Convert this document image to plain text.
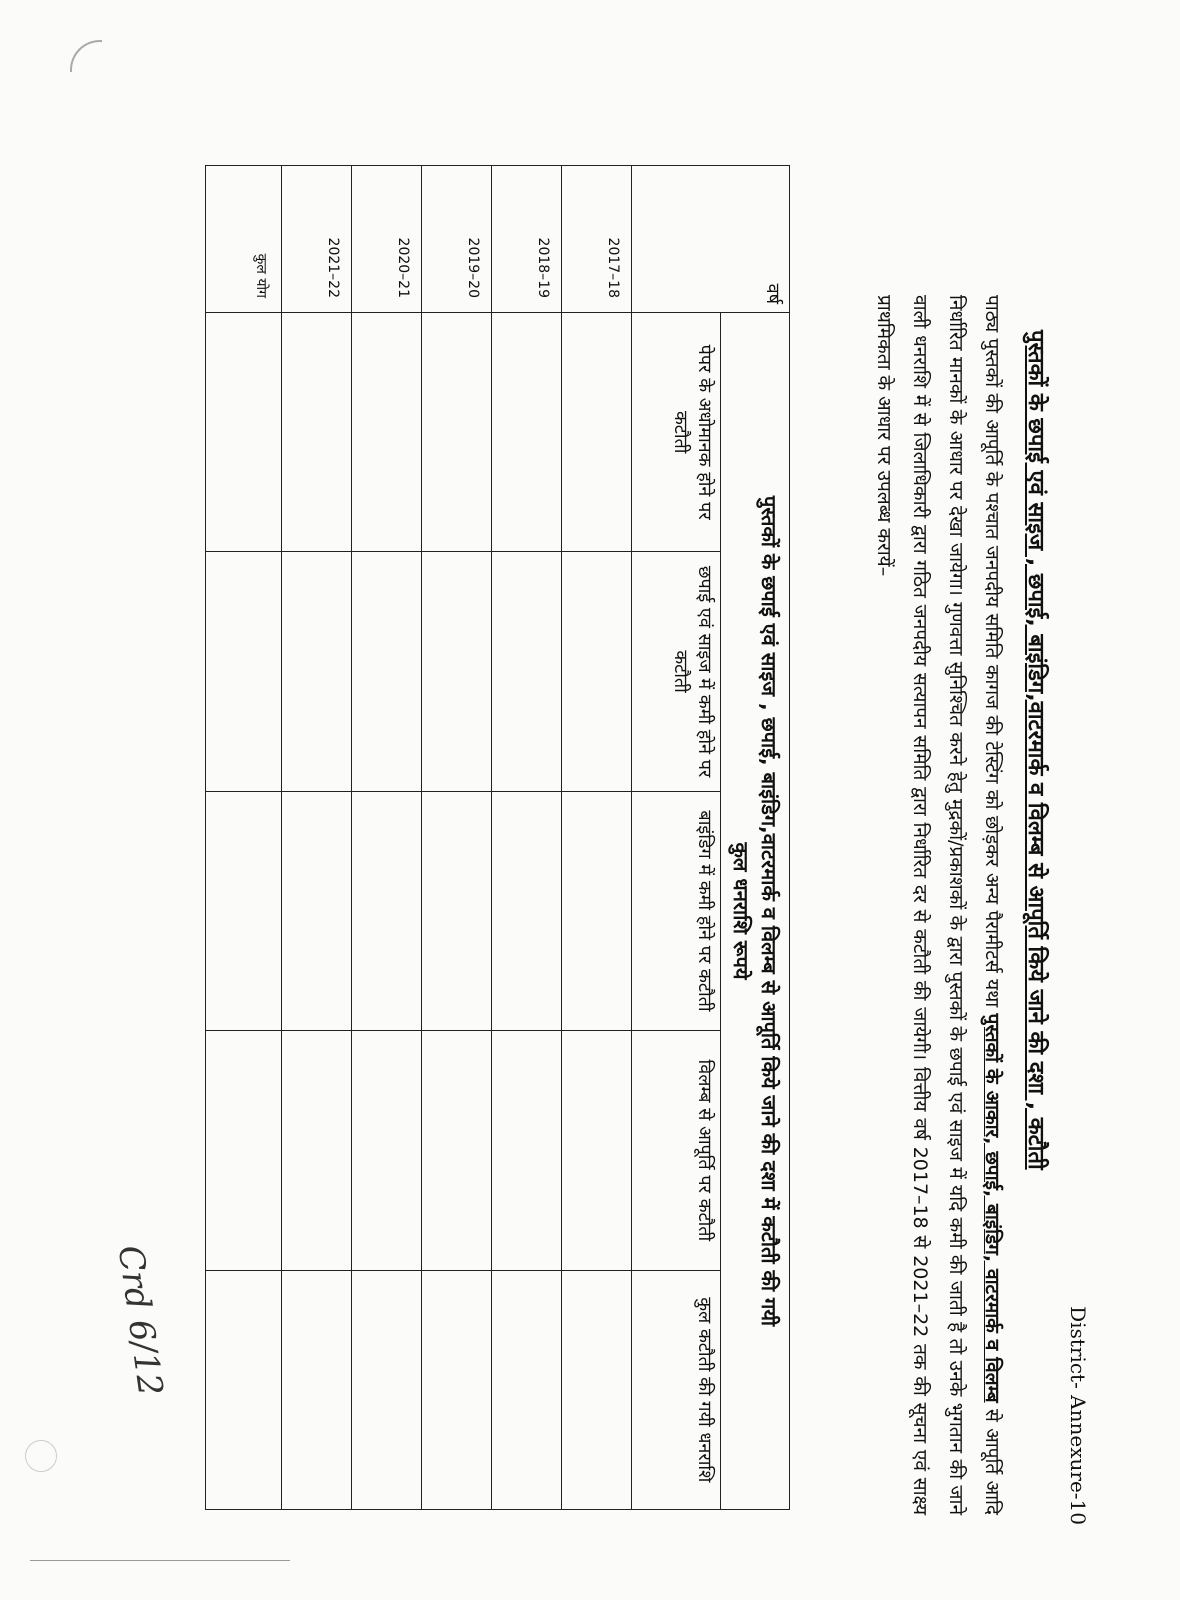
District- Annexure-10
पुस्तकों के छपाई एवं साइज , छपाई, बाइंडिग,वाटरमार्क व विलम्ब से आपूर्ति किये जाने की दशा , कटौती

पाठ्य पुस्तकों की आपूर्ति के पश्चात जनपदीय समिति कागज की टेस्टिंग को छोड़कर अन्य पैरामीटर्स यथा पुस्तकों के आकार, छपाई, बाइंडिग, वाटरमार्क व विलम्ब से आपूर्ति आदि निर्धारित मानकों के आधार पर देखा जायेगा। गुणवत्ता सुनिश्चित करने हेतु मुद्रकों/प्रकाशकों के द्वारा पुस्तकों के छपाई एवं साइज में यदि कमी की जाती है तो उनके भुगतान की जाने वाली धनराशि में से जिलाधिकारी द्वारा गठित जनपदीय सत्यापन समिति द्वारा निर्धारित दर से कटौती की जायेगी। वित्तीय वर्ष 2017–18 से 2021–22 तक की सूचना एवं साक्ष्य प्राथमिकता के आधार पर उपलब्ध करायें–

वर्ष	पुस्तकों के छपाई एवं साइज , छपाई, बाइंडिग,वाटरमार्क व विलम्ब से आपूर्ति किये जाने की दशा में कटौती की गयी
कुल धनराशि रूपये				

	पेपर के अधोमानक होने पर कटौती	छपाई एवं साइज में कमी होने पर कटौती	बाइंडिग में कमी होने पर कटौती	विलम्ब से आपूर्ति पर कटौती	कुल कटौती की गयी धनराशि
2017–18					
2018–19					
2019–20					
2020–21					
2021–22					
कुल योग					
Crd 6/12
